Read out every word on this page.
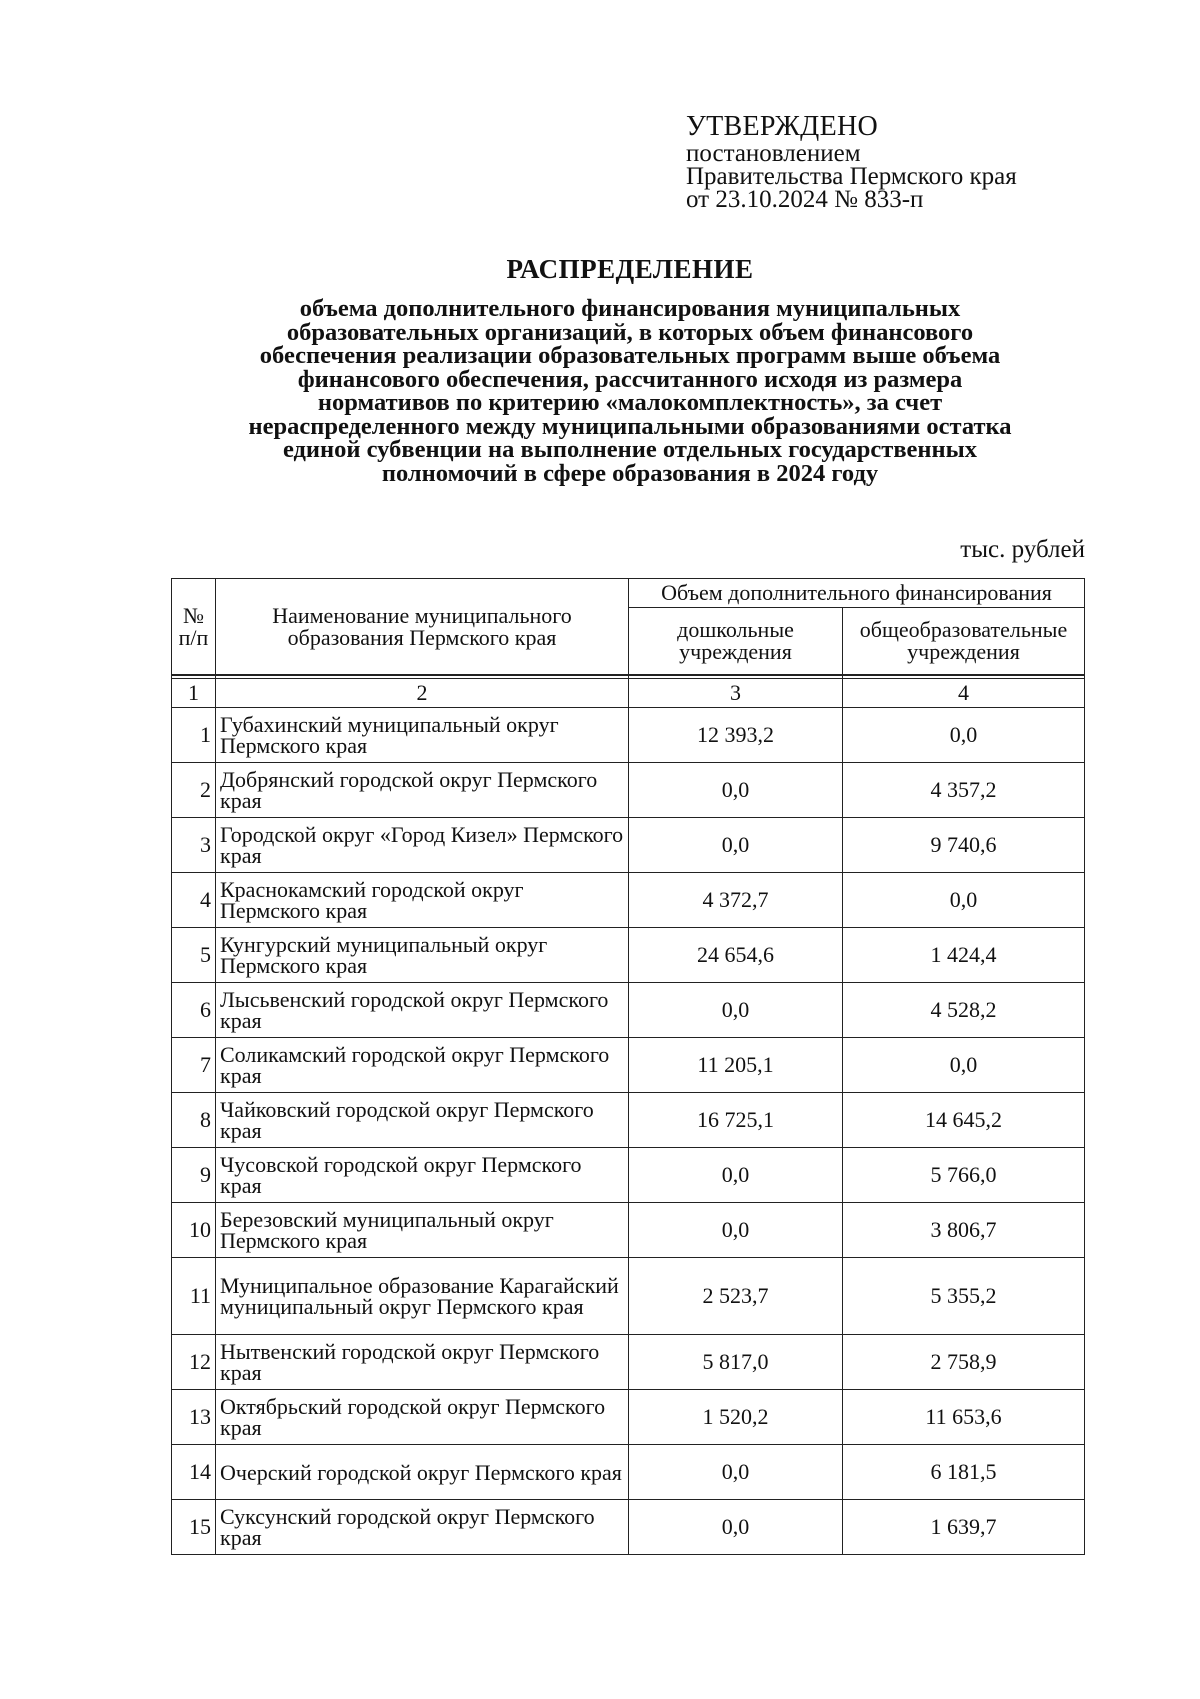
УТВЕРЖДЕНО
постановлением
Правительства Пермского края
от 23.10.2024 № 833-п
РАСПРЕДЕЛЕНИЕ
объема дополнительного финансирования муниципальных
образовательных организаций, в которых объем финансового
обеспечения реализации образовательных программ выше объема
финансового обеспечения, рассчитанного исходя из размера
нормативов по критерию «малокомплектность», за счет
нераспределенного между муниципальными образованиями остатка
единой субвенции на выполнение отдельных государственных
полномочий в сфере образования в 2024 году
тыс. рублей
№ п/п	Наименование муниципального образования Пермского края	Объем дополнительного финансирования	
		дошкольные учреждения	общеобразовательные учреждения

1	2	3	4
1	Губахинский муниципальный округ Пермского края	12 393,2	0,0
2	Добрянский городской округ Пермского края	0,0	4 357,2
3	Городской округ «Город Кизел» Пермского края	0,0	9 740,6
4	Краснокамский городской округ Пермского края	4 372,7	0,0
5	Кунгурский муниципальный округ Пермского края	24 654,6	1 424,4
6	Лысьвенский городской округ Пермского края	0,0	4 528,2
7	Соликамский городской округ Пермского края	11 205,1	0,0
8	Чайковский городской округ Пермского края	16 725,1	14 645,2
9	Чусовской городской округ Пермского края	0,0	5 766,0
10	Березовский муниципальный округ Пермского края	0,0	3 806,7
11	Муниципальное образование Карагайский муниципальный округ Пермского края	2 523,7	5 355,2
12	Нытвенский городской округ Пермского края	5 817,0	2 758,9
13	Октябрьский городской округ Пермского края	1 520,2	11 653,6
14	Очерский городской округ Пермского края	0,0	6 181,5
15	Суксунский городской округ Пермского края	0,0	1 639,7
